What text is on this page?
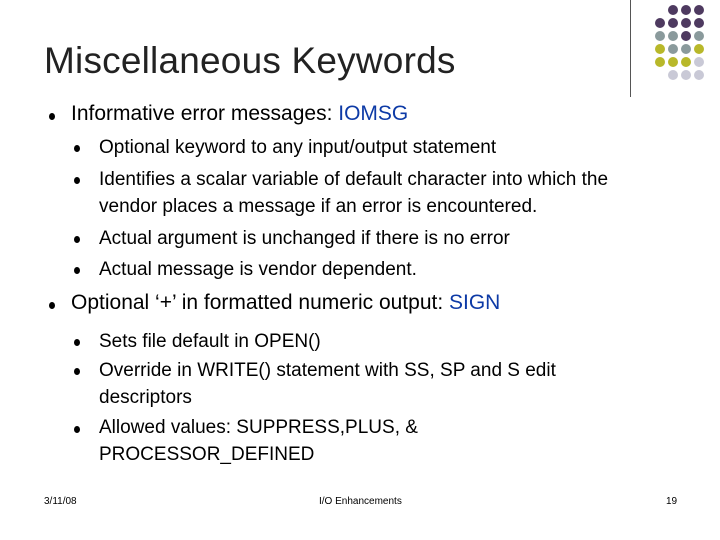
Miscellaneous Keywords
Informative error messages: IOMSG
Optional keyword to any input/output statement
Identifies a scalar variable of default character into which the
vendor places a message if an error is encountered.
Actual argument is unchanged if there is no error
Actual message is vendor dependent.
Optional ‘+’ in formatted numeric output: SIGN
Sets file default in OPEN()
Override in WRITE() statement with SS, SP and S edit
descriptors
Allowed values: SUPPRESS,PLUS, &
PROCESSOR_DEFINED
3/11/08	I/O Enhancements	19
